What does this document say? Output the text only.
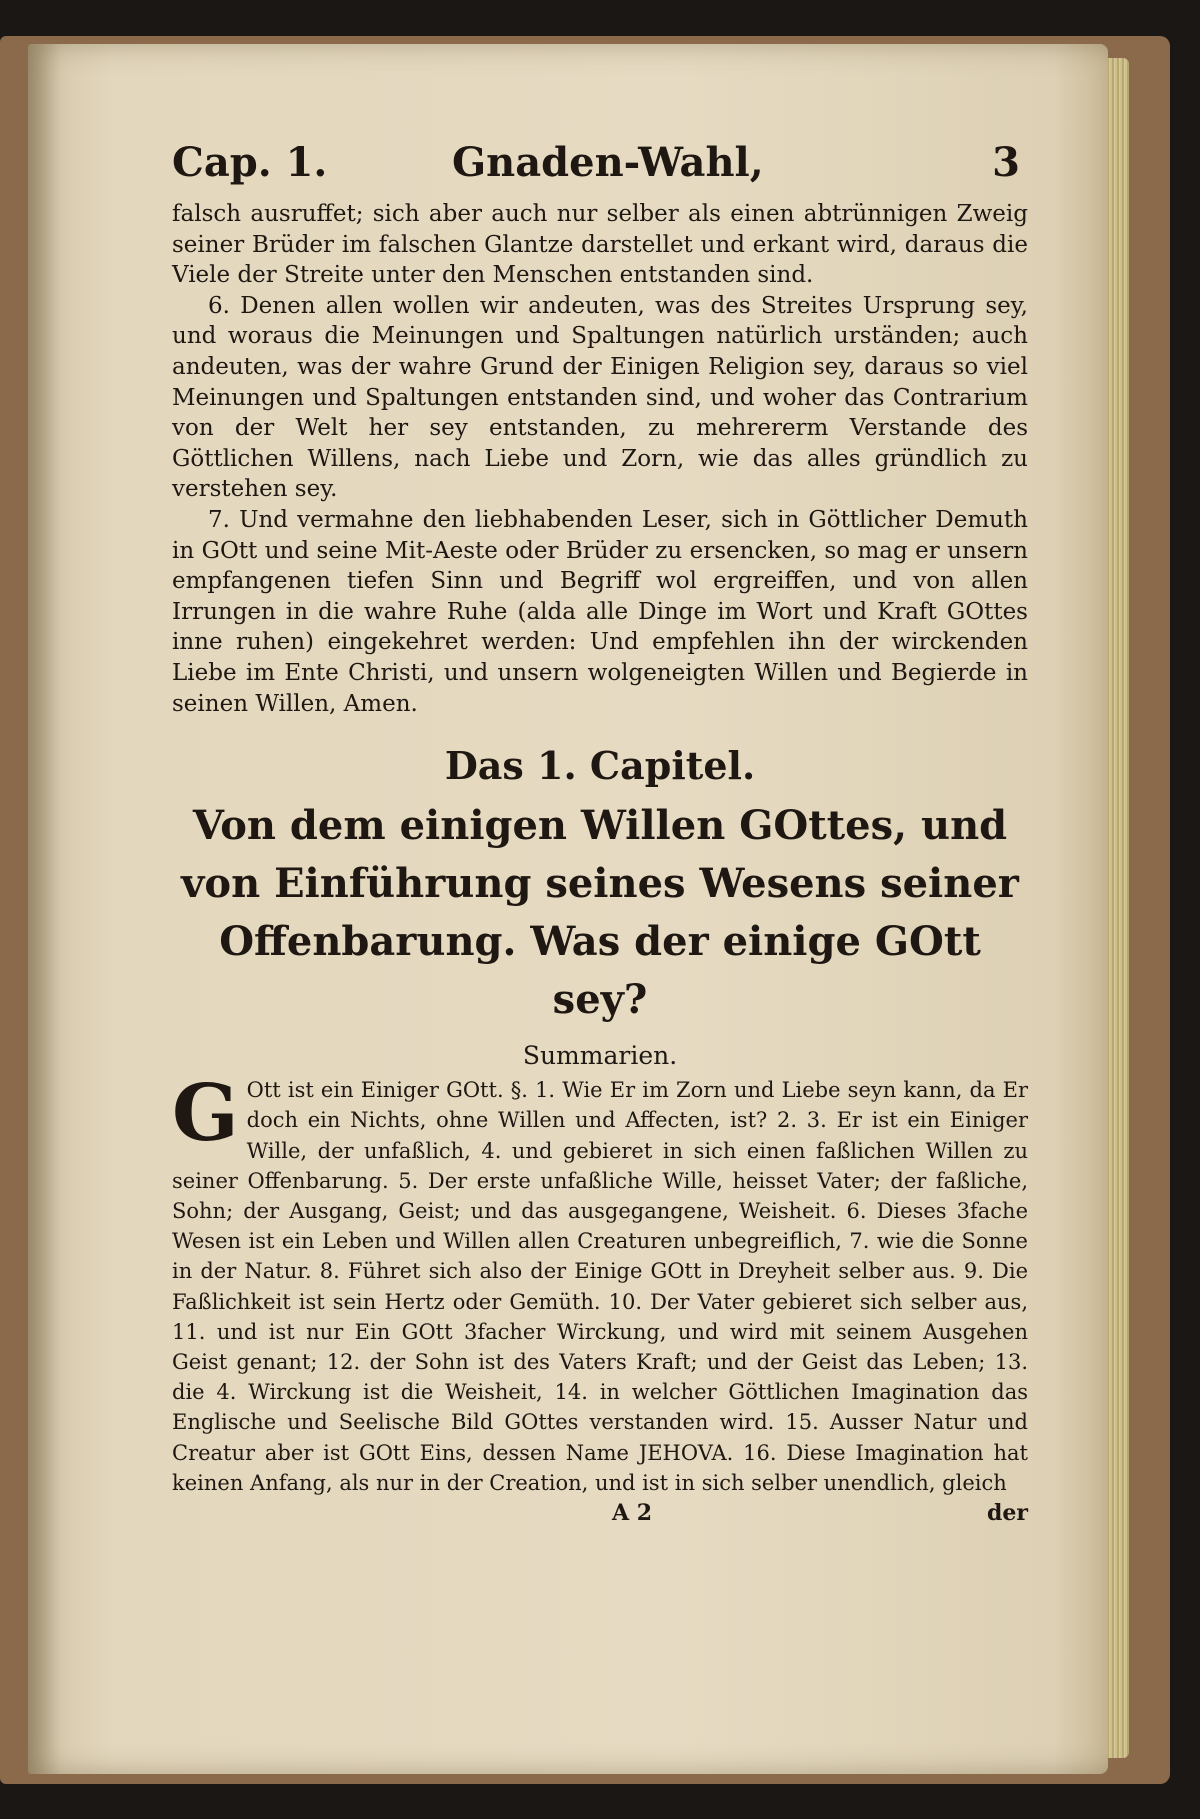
Cap. 1.	Gnaden-Wahl,	3

falsch ausruffet; sich aber auch nur selber als einen abtrünnigen Zweig seiner Brüder im falschen Glantze darstellet und erkant wird, daraus die Viele der Streite unter den Menschen entstanden sind.

6. Denen allen wollen wir andeuten, was des Streites Ursprung sey, und woraus die Meinungen und Spaltungen natürlich urständen; auch andeuten, was der wahre Grund der Einigen Religion sey, daraus so viel Meinungen und Spaltungen entstanden sind, und woher das Contrarium von der Welt her sey entstanden, zu mehrererm Verstande des Göttlichen Willens, nach Liebe und Zorn, wie das alles gründlich zu verstehen sey.

7. Und vermahne den liebhabenden Leser, sich in Göttlicher Demuth in GOtt und seine Mit-Aeste oder Brüder zu ersencken, so mag er unsern empfangenen tiefen Sinn und Begriff wol ergreiffen, und von allen Irrungen in die wahre Ruhe (alda alle Dinge im Wort und Kraft GOttes inne ruhen) eingekehret werden: Und empfehlen ihn der wirckenden Liebe im Ente Christi, und unsern wolgeneigten Willen und Begierde in seinen Willen, Amen.

Das 1. Capitel.
Von dem einigen Willen GOttes, und von Einführung seines Wesens seiner Offenbarung. Was der einige GOtt sey?
Summarien.

G Ott ist ein Einiger GOtt. §. 1. Wie Er im Zorn und Liebe seyn kann, da Er doch ein Nichts, ohne Willen und Affecten, ist? 2. 3. Er ist ein Einiger Wille, der unfaßlich, 4. und gebieret in sich einen faßlichen Willen zu seiner Offenbarung. 5. Der erste unfaßliche Wille, heisset Vater; der faßliche, Sohn; der Ausgang, Geist; und das ausgegangene, Weisheit. 6. Dieses 3fache Wesen ist ein Leben und Willen allen Creaturen unbegreiflich, 7. wie die Sonne in der Natur. 8. Führet sich also der Einige GOtt in Dreyheit selber aus. 9. Die Faßlichkeit ist sein Hertz oder Gemüth. 10. Der Vater gebieret sich selber aus, 11. und ist nur Ein GOtt 3facher Wirckung, und wird mit seinem Ausgehen Geist genant; 12. der Sohn ist des Vaters Kraft; und der Geist das Leben; 13. die 4. Wirckung ist die Weisheit, 14. in welcher Göttlichen Imagination das Englische und Seelische Bild GOttes verstanden wird. 15. Ausser Natur und Creatur aber ist GOtt Eins, dessen Name JEHOVA. 16. Diese Imagination hat keinen Anfang, als nur in der Creation, und ist in sich selber unendlich, gleich

A 2	der
